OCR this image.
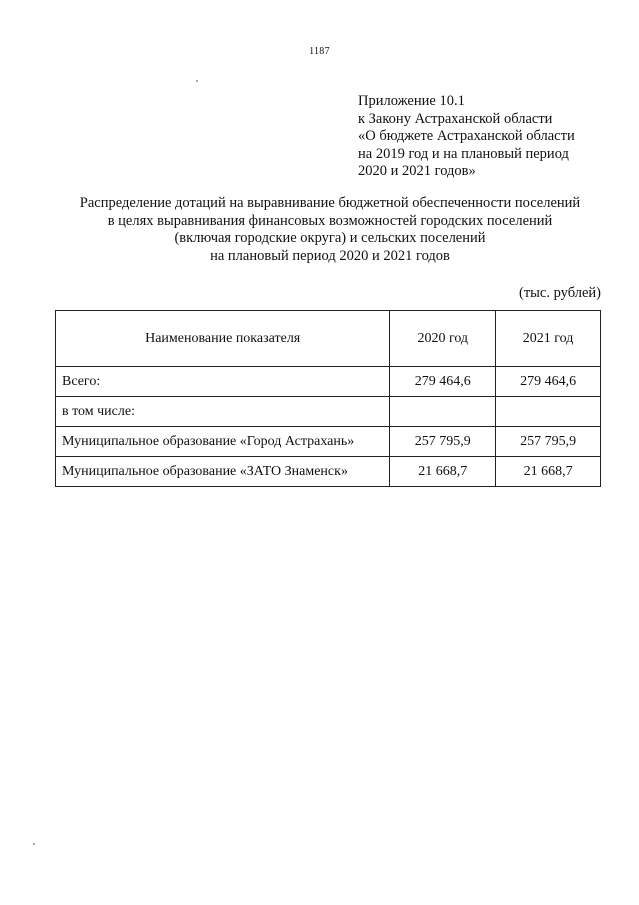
1187
Приложение 10.1
к Закону Астраханской области
«О бюджете Астраханской области
на 2019 год и на плановый период
2020 и 2021 годов»
Распределение дотаций на выравнивание бюджетной обеспеченности поселений
в целях выравнивания финансовых возможностей городских поселений
(включая городские округа) и сельских поселений
на плановый период 2020 и 2021 годов
(тыс. рублей)
Наименование показателя	2020 год	2021 год
Всего:	279 464,6	279 464,6
в том числе:		
Муниципальное образование «Город Астрахань»	257 795,9	257 795,9
Муниципальное образование «ЗАТО Знаменск»	21 668,7	21 668,7
